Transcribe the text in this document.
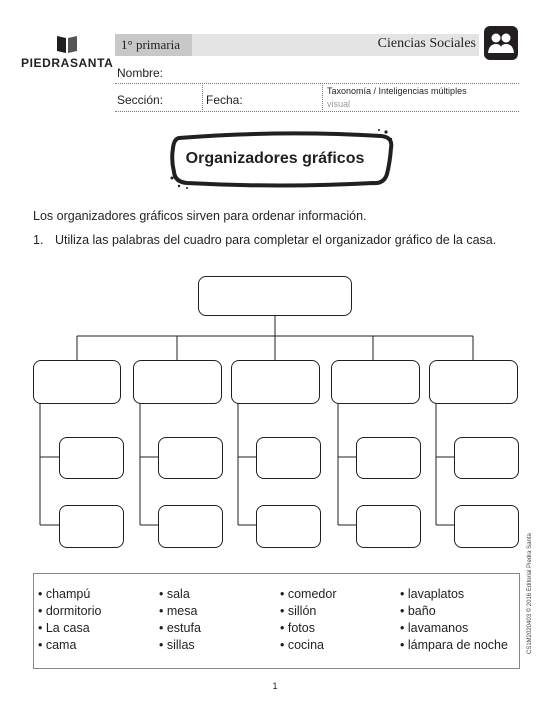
PIEDRASANTA
1° primaria	Ciencias Sociales
Nombre:
Sección:	Fecha:
Taxonomía / Inteligencias múltiples
visual
Organizadores gráficos
Los organizadores gráficos sirven para ordenar información.
1. Utiliza las palabras del cuadro para completar el organizador gráfico de la casa.
• champú
• dormitorio
• La casa
• cama
• sala
• mesa
• estufa
• sillas
• comedor
• sillón
• fotos
• cocina
• lavaplatos
• baño
• lavamanos
• lámpara de noche
1
CS1M2020403 © 2016 Editorial Piedra Santa
